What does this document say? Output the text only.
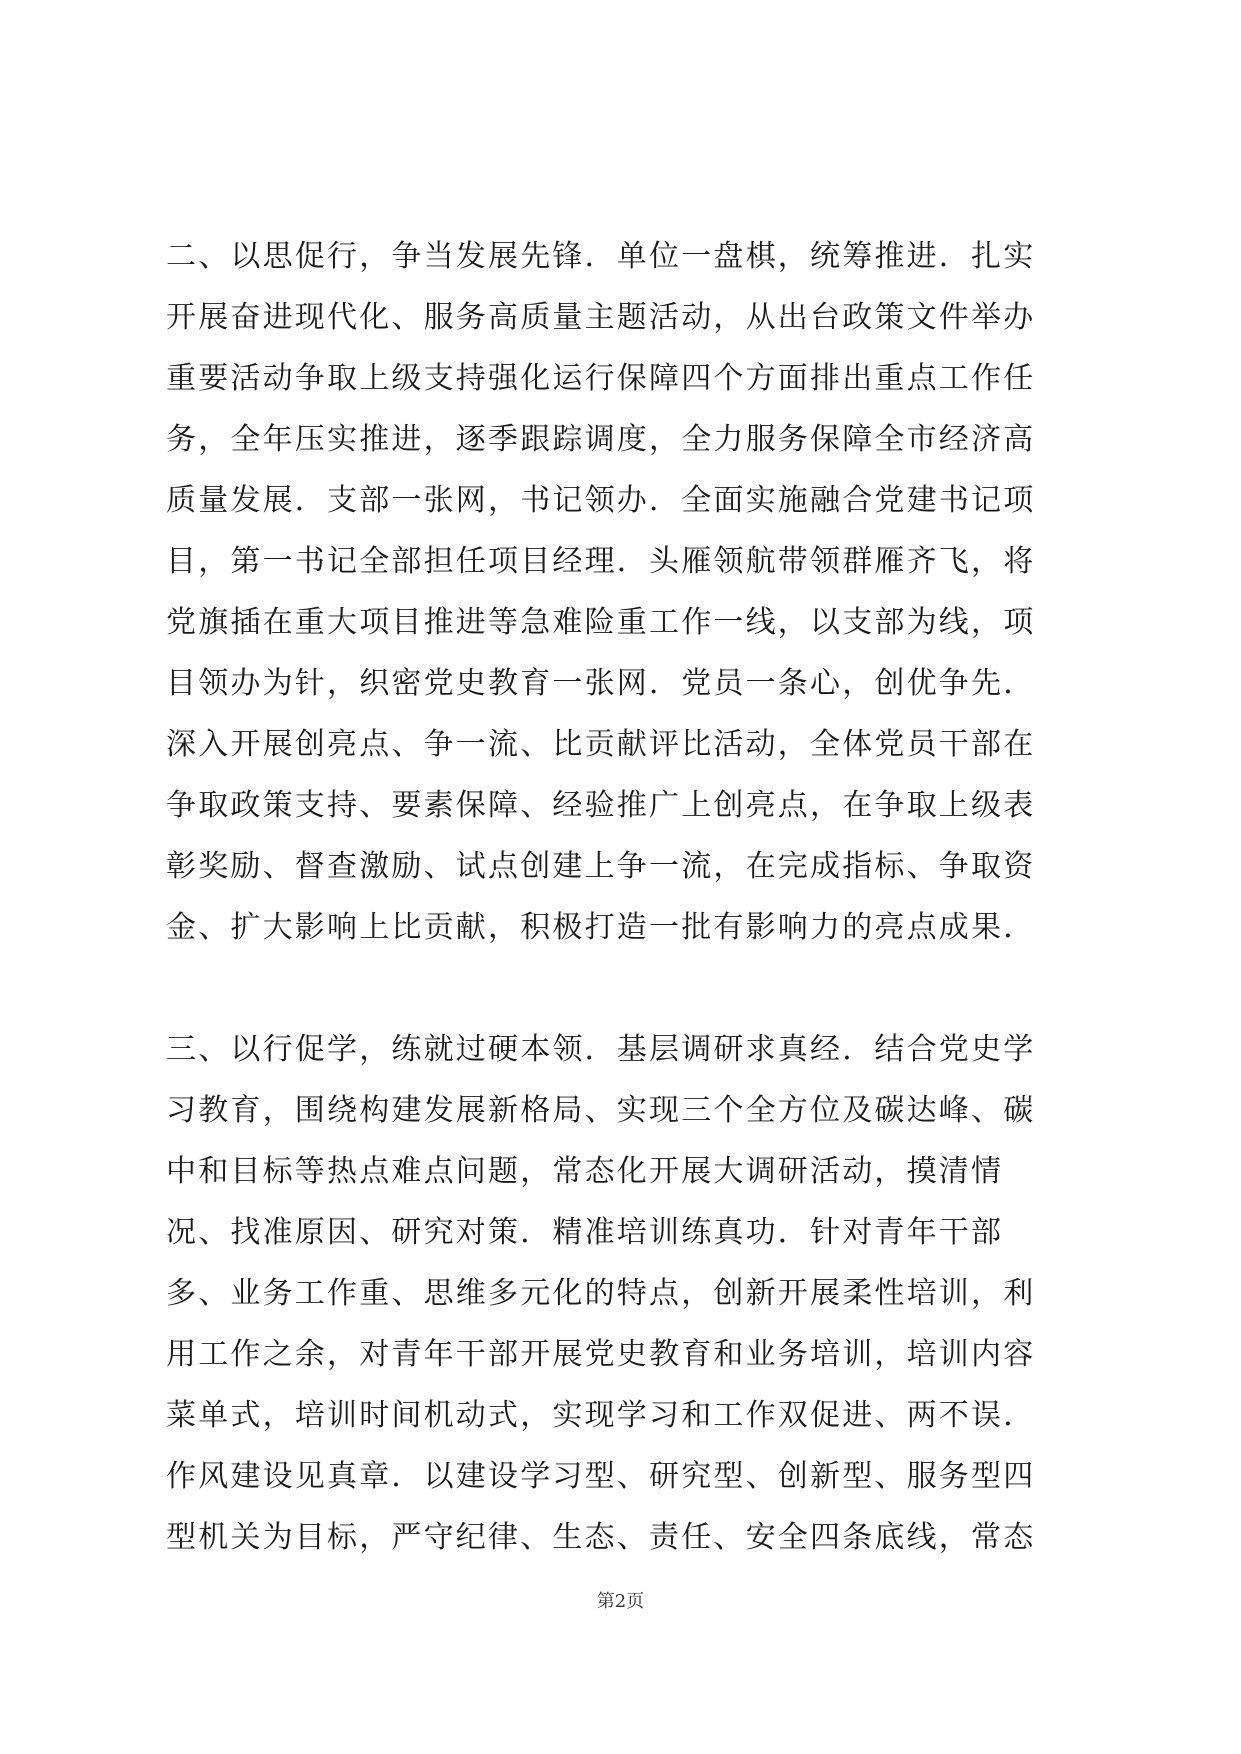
二、以思促行，争当发展先锋．单位一盘棋，统筹推进．扎实
开展奋进现代化、服务高质量主题活动，从出台政策文件举办
重要活动争取上级支持强化运行保障四个方面排出重点工作任
务，全年压实推进，逐季跟踪调度，全力服务保障全市经济高
质量发展．支部一张网，书记领办．全面实施融合党建书记项
目，第一书记全部担任项目经理．头雁领航带领群雁齐飞，将
党旗插在重大项目推进等急难险重工作一线，以支部为线，项
目领办为针，织密党史教育一张网．党员一条心，创优争先．
深入开展创亮点、争一流、比贡献评比活动，全体党员干部在
争取政策支持、要素保障、经验推广上创亮点，在争取上级表
彰奖励、督查激励、试点创建上争一流，在完成指标、争取资
金、扩大影响上比贡献，积极打造一批有影响力的亮点成果．
三、以行促学，练就过硬本领．基层调研求真经．结合党史学
习教育，围绕构建发展新格局、实现三个全方位及碳达峰、碳
中和目标等热点难点问题，常态化开展大调研活动，摸清情
况、找准原因、研究对策．精准培训练真功．针对青年干部
多、业务工作重、思维多元化的特点，创新开展柔性培训，利
用工作之余，对青年干部开展党史教育和业务培训，培训内容
菜单式，培训时间机动式，实现学习和工作双促进、两不误．
作风建设见真章．以建设学习型、研究型、创新型、服务型四
型机关为目标，严守纪律、生态、责任、安全四条底线，常态
第2页
